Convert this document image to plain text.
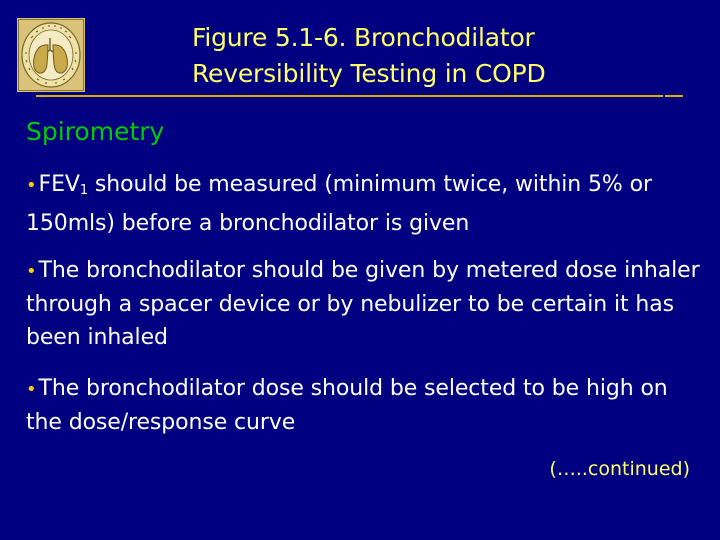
Figure 5.1-6. Bronchodilator
Reversibility Testing in COPD
Spirometry
$•FEV_1$ should be measured (minimum twice, within 5% or 150mls) before a bronchodilator is given
•The bronchodilator should be given by metered dose inhaler through a spacer device or by nebulizer to be certain it has been inhaled
•The bronchodilator dose should be selected to be high on the dose/response curve
(…..continued)
